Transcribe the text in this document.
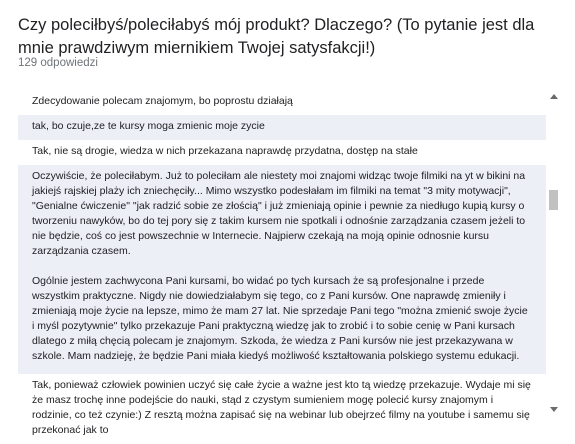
Czy poleciłbyś/poleciłabyś mój produkt? Dlaczego? (To pytanie jest dla mnie prawdziwym miernikiem Twojej satysfakcji!)
129 odpowiedzi

Zdecydowanie polecam znajomym, bo poprostu działają

tak, bo czuje,ze te kursy moga zmienic moje zycie

Tak, nie są drogie, wiedza w nich przekazana naprawdę przydatna, dostęp na stałe

Oczywiście, że poleciłabym. Już to poleciłam ale niestety moi znajomi widząc twoje filmiki na yt w bikini na jakiejś rajskiej plaży ich zniechęciły... Mimo wszystko podesłałam im filmiki na temat "3 mity motywacji", "Genialne ćwiczenie" "jak radzić sobie ze złością" i już zmieniają opinie i pewnie za niedługo kupią kursy o tworzeniu nawyków, bo do tej pory się z takim kursem nie spotkali i odnośnie zarządzania czasem jeżeli to nie będzie, coś co jest powszechnie w Internecie. Najpierw czekają na moją opinie odnosnie kursu zarządzania czasem.

Ogólnie jestem zachwycona Pani kursami, bo widać po tych kursach że są profesjonalne i przede wszystkim praktyczne. Nigdy nie dowiedziałabym się tego, co z Pani kursów. One naprawdę zmieniły i zmieniają moje życie na lepsze, mimo że mam 27 lat. Nie sprzedaje Pani tego "można zmienić swoje życie i myśl pozytywnie" tylko przekazuje Pani praktyczną wiedzę jak to zrobić i to sobie cenię w Pani kursach dlatego z miłą chęcią polecam je znajomym. Szkoda, że wiedza z Pani kursów nie jest przekazywana w szkole. Mam nadzieję, że będzie Pani miała kiedyś możliwość kształtowania polskiego systemu edukacji.

Tak, ponieważ człowiek powinien uczyć się całe życie a ważne jest kto tą wiedzę przekazuje. Wydaje mi się że masz trochę inne podejście do nauki, stąd z czystym sumieniem mogę polecić kursy znajomym i rodzinie, co też czynie:) Z resztą można zapisać się na webinar lub obejrzeć filmy na youtube i samemu się przekonać jak to
